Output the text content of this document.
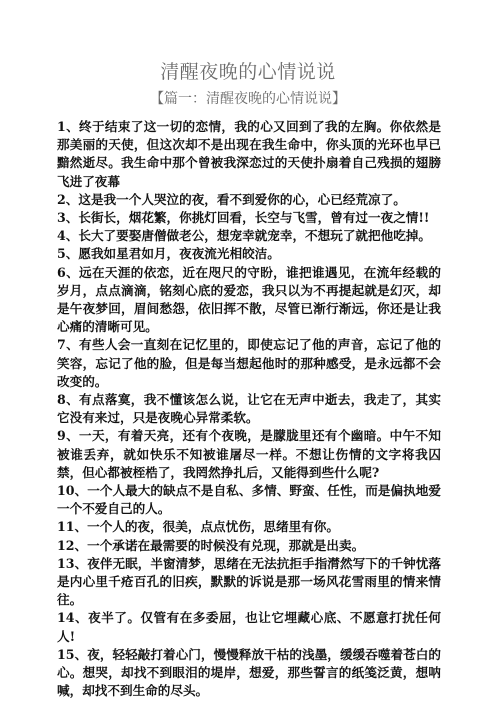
清醒夜晚的心情说说
【篇一：清醒夜晚的心情说说】

1、终于结束了这一切的恋情，我的心又回到了我的左胸。你依然是那美丽的天使，但这次却不是出现在我生命中，你头顶的光环也早已黯然逝尽。我生命中那个曾被我深恋过的天使扑扇着自己残损的翅膀飞进了夜幕

2、这是我一个人哭泣的夜，看不到爱你的心，心已经荒凉了。

3、长街长，烟花繁，你挑灯回看，长空与飞雪，曾有过一夜之情!!

4、长大了要娶唐僧做老公，想宠幸就宠幸，不想玩了就把他吃掉。

5、愿我如星君如月，夜夜流光相皎洁。

6、远在天涯的依恋，近在咫尺的守盼，谁把谁遇见，在流年经载的岁月，点点滴滴，铭刻心底的爱恋，我只以为不再提起就是幻灭，却是午夜梦回，眉间愁怨，依旧挥不散，尽管已渐行渐远，你还是让我心痛的清晰可见。

7、有些人会一直刻在记忆里的，即使忘记了他的声音，忘记了他的笑容，忘记了他的脸，但是每当想起他时的那种感受，是永远都不会改变的。

8、有点落寞，我不懂该怎么说，让它在无声中逝去，我走了，其实它没有来过，只是夜晚心异常柔软。

9、一天，有着天亮，还有个夜晚，是朦胧里还有个幽暗。中午不知被谁丢弃，就如快乐不知被谁屠尽一样。不想让伤情的文字将我囚禁，但心都被桎梏了，我罔然挣扎后，又能得到些什么呢?

10、一个人最大的缺点不是自私、多情、野蛮、任性，而是偏执地爱一个不爱自己的人。

11、一个人的夜，很美，点点忧伤，思绪里有你。

12、一个承诺在最需要的时候没有兑现，那就是出卖。

13、夜伴无眠，半窗清梦，思绪在无法抗拒手指潸然写下的千钟忧落是内心里千疮百孔的旧疾，默默的诉说是那一场风花雪雨里的情来情往。

14、夜半了。仅管有在多委屈，也让它埋藏心底、不愿意打扰任何人!

15、夜，轻轻敲打着心门，慢慢释放干枯的浅墨，缓缓吞噬着苍白的心。想哭，却找不到眼泪的堤岸，想爱，那些誓言的纸笺泛黄，想呐喊，却找不到生命的尽头。
